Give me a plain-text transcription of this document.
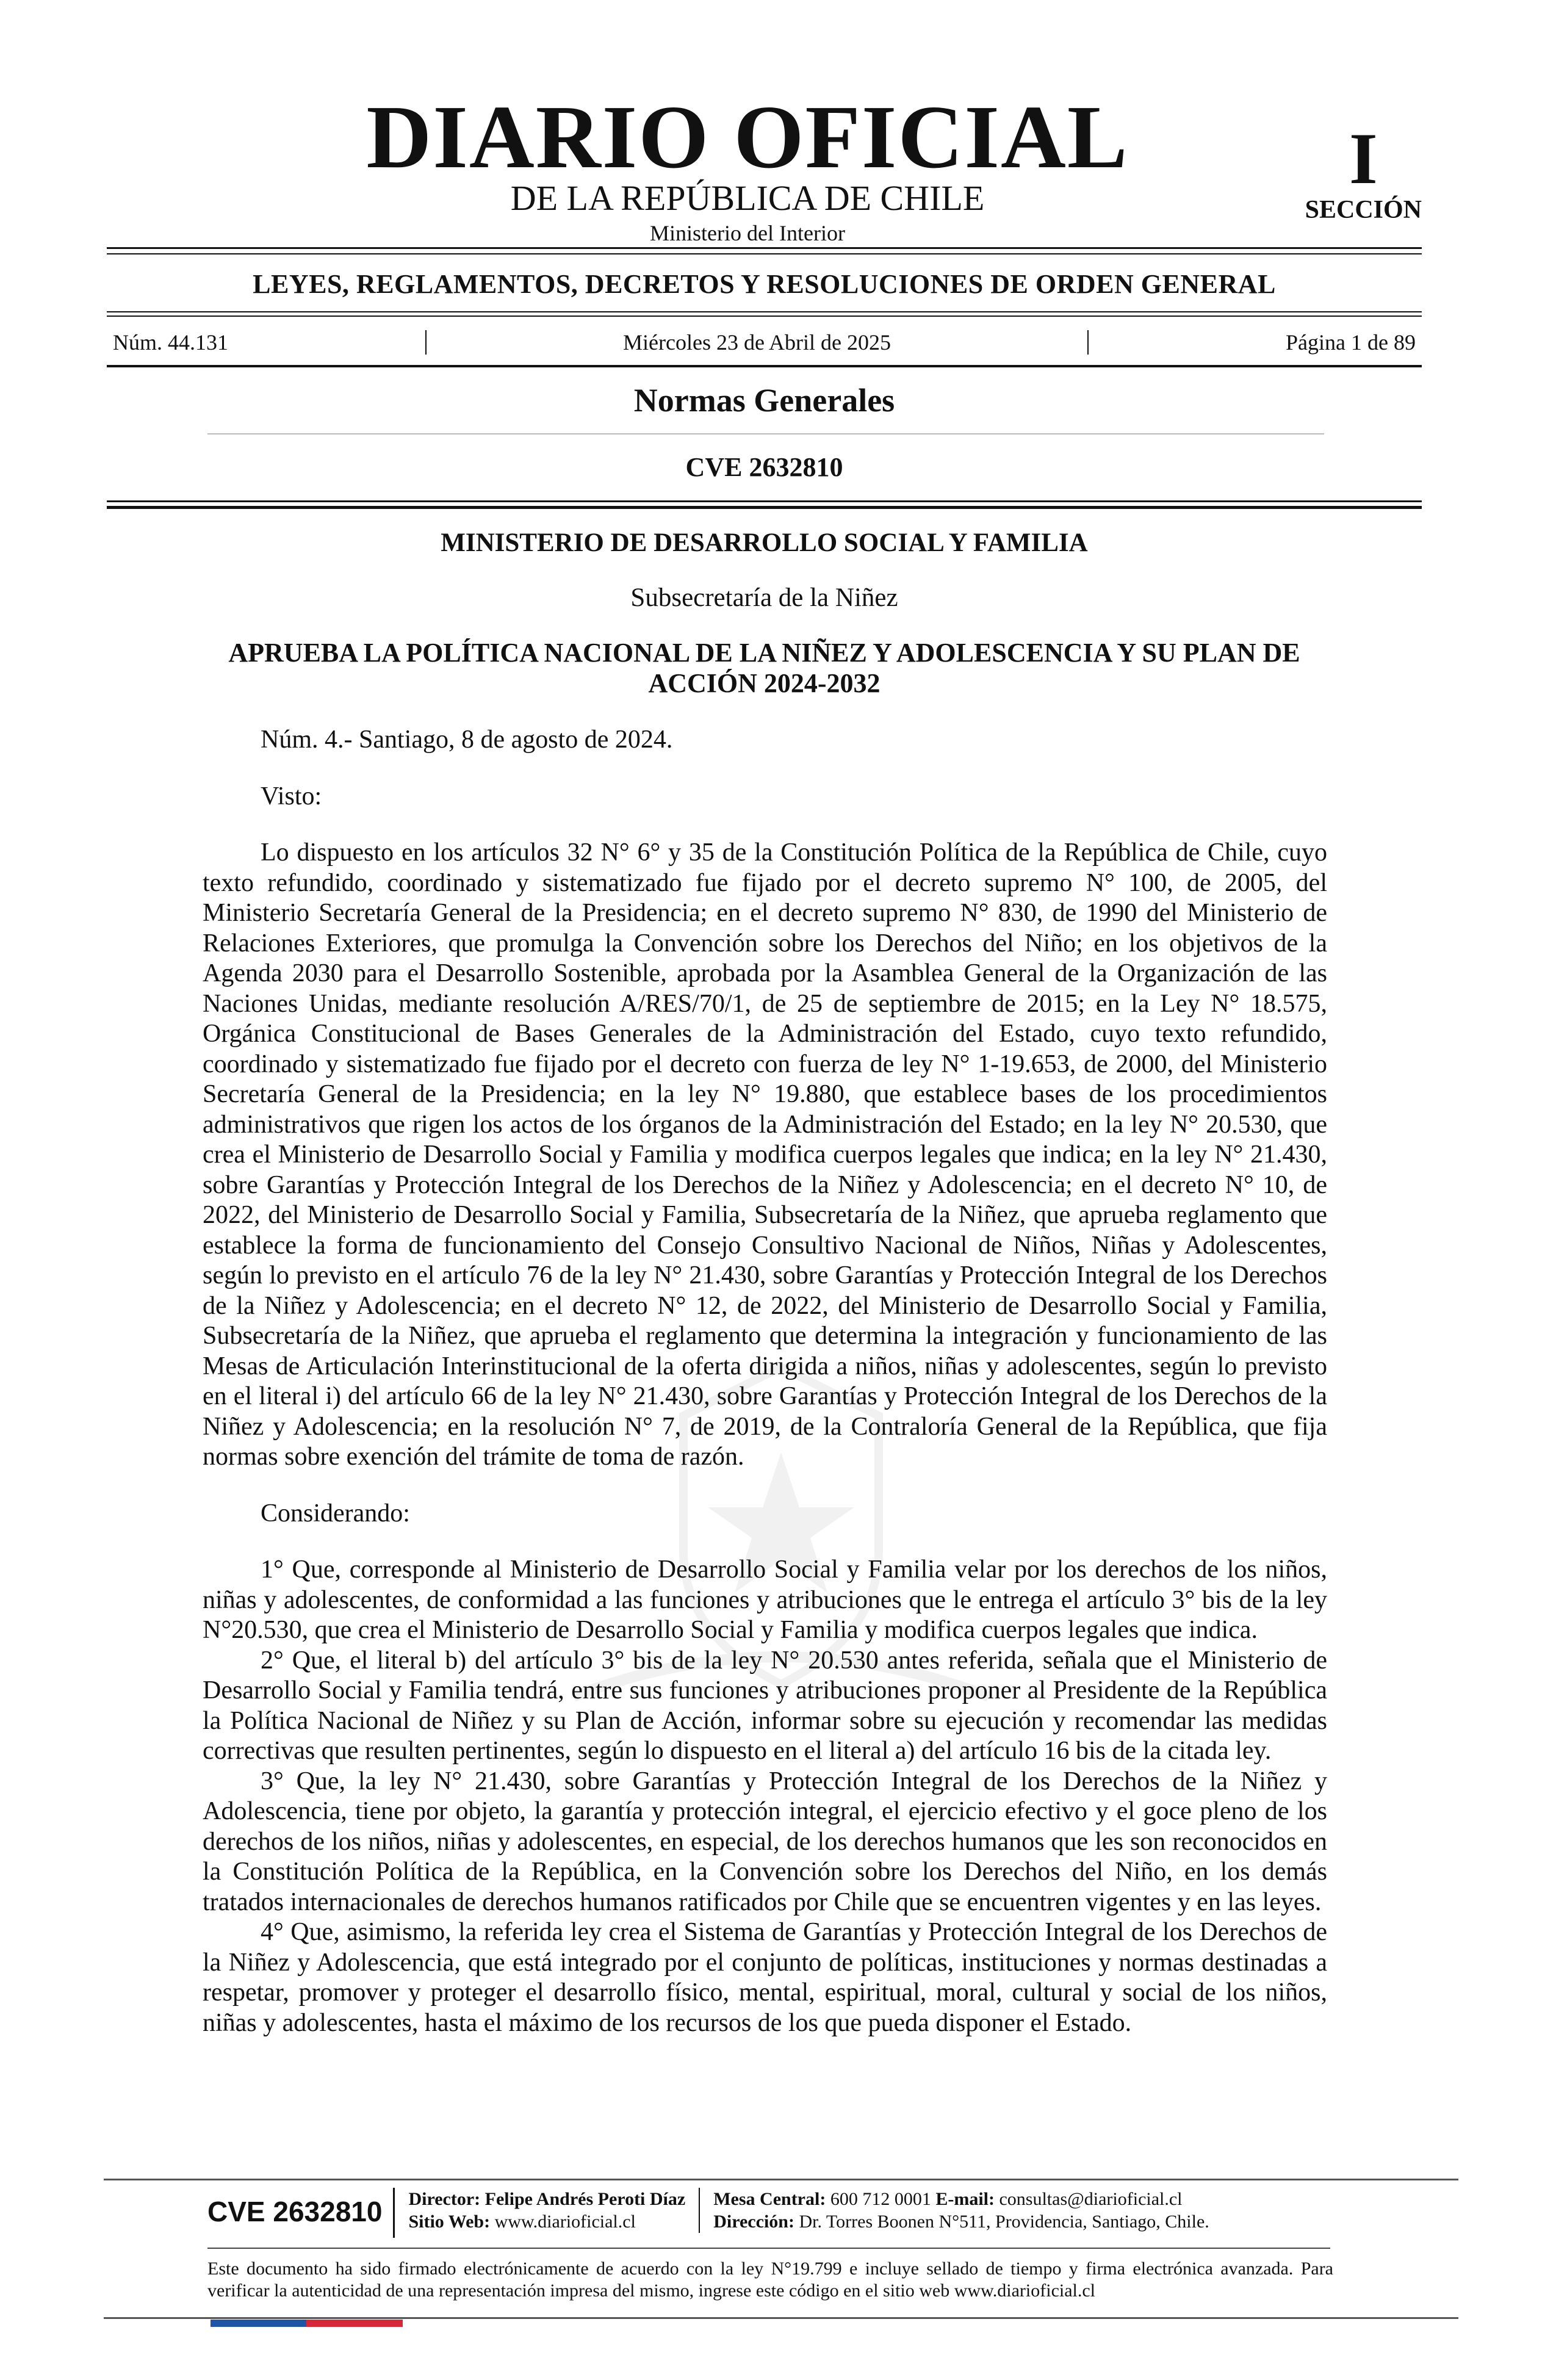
DIARIO OFICIAL
DE LA REPÚBLICA DE CHILE
Ministerio del Interior
I
SECCIÓN
LEYES, REGLAMENTOS, DECRETOS Y RESOLUCIONES DE ORDEN GENERAL
Núm. 44.131	Miércoles 23 de Abril de 2025	Página 1 de 89
Normas Generales
CVE 2632810
MINISTERIO DE DESARROLLO SOCIAL Y FAMILIA
Subsecretaría de la Niñez
APRUEBA LA POLÍTICA NACIONAL DE LA NIÑEZ Y ADOLESCENCIA Y SU PLAN DE ACCIÓN 2024-2032

Núm. 4.- Santiago, 8 de agosto de 2024.

Visto:

Lo dispuesto en los artículos 32 N° 6° y 35 de la Constitución Política de la República de Chile, cuyo texto refundido, coordinado y sistematizado fue fijado por el decreto supremo N° 100, de 2005, del Ministerio Secretaría General de la Presidencia; en el decreto supremo N° 830, de 1990 del Ministerio de Relaciones Exteriores, que promulga la Convención sobre los Derechos del Niño; en los objetivos de la Agenda 2030 para el Desarrollo Sostenible, aprobada por la Asamblea General de la Organización de las Naciones Unidas, mediante resolución A/RES/70/1, de 25 de septiembre de 2015; en la Ley N° 18.575, Orgánica Constitucional de Bases Generales de la Administración del Estado, cuyo texto refundido, coordinado y sistematizado fue fijado por el decreto con fuerza de ley N° 1-19.653, de 2000, del Ministerio Secretaría General de la Presidencia; en la ley N° 19.880, que establece bases de los procedimientos administrativos que rigen los actos de los órganos de la Administración del Estado; en la ley N° 20.530, que crea el Ministerio de Desarrollo Social y Familia y modifica cuerpos legales que indica; en la ley N° 21.430, sobre Garantías y Protección Integral de los Derechos de la Niñez y Adolescencia; en el decreto N° 10, de 2022, del Ministerio de Desarrollo Social y Familia, Subsecretaría de la Niñez, que aprueba reglamento que establece la forma de funcionamiento del Consejo Consultivo Nacional de Niños, Niñas y Adolescentes, según lo previsto en el artículo 76 de la ley N° 21.430, sobre Garantías y Protección Integral de los Derechos de la Niñez y Adolescencia; en el decreto N° 12, de 2022, del Ministerio de Desarrollo Social y Familia, Subsecretaría de la Niñez, que aprueba el reglamento que determina la integración y funcionamiento de las Mesas de Articulación Interinstitucional de la oferta dirigida a niños, niñas y adolescentes, según lo previsto en el literal i) del artículo 66 de la ley N° 21.430, sobre Garantías y Protección Integral de los Derechos de la Niñez y Adolescencia; en la resolución N° 7, de 2019, de la Contraloría General de la República, que fija normas sobre exención del trámite de toma de razón.

Considerando:

1° Que, corresponde al Ministerio de Desarrollo Social y Familia velar por los derechos de los niños, niñas y adolescentes, de conformidad a las funciones y atribuciones que le entrega el artículo 3° bis de la ley N°20.530, que crea el Ministerio de Desarrollo Social y Familia y modifica cuerpos legales que indica.

2° Que, el literal b) del artículo 3° bis de la ley N° 20.530 antes referida, señala que el Ministerio de Desarrollo Social y Familia tendrá, entre sus funciones y atribuciones proponer al Presidente de la República la Política Nacional de Niñez y su Plan de Acción, informar sobre su ejecución y recomendar las medidas correctivas que resulten pertinentes, según lo dispuesto en el literal a) del artículo 16 bis de la citada ley.

3° Que, la ley N° 21.430, sobre Garantías y Protección Integral de los Derechos de la Niñez y Adolescencia, tiene por objeto, la garantía y protección integral, el ejercicio efectivo y el goce pleno de los derechos de los niños, niñas y adolescentes, en especial, de los derechos humanos que les son reconocidos en la Constitución Política de la República, en la Convención sobre los Derechos del Niño, en los demás tratados internacionales de derechos humanos ratificados por Chile que se encuentren vigentes y en las leyes.

4° Que, asimismo, la referida ley crea el Sistema de Garantías y Protección Integral de los Derechos de la Niñez y Adolescencia, que está integrado por el conjunto de políticas, instituciones y normas destinadas a respetar, promover y proteger el desarrollo físico, mental, espiritual, moral, cultural y social de los niños, niñas y adolescentes, hasta el máximo de los recursos de los que pueda disponer el Estado.

CVE 2632810	Director: Felipe Andrés Peroti Díaz
Sitio Web: www.diarioficial.cl
Mesa Central: 600 712 0001 E-mail: consultas@diarioficial.cl
Dirección: Dr. Torres Boonen N°511, Providencia, Santiago, Chile.
Este documento ha sido firmado electrónicamente de acuerdo con la ley N°19.799 e incluye sellado de tiempo y firma electrónica avanzada. Para verificar la autenticidad de una representación impresa del mismo, ingrese este código en el sitio web www.diarioficial.cl
